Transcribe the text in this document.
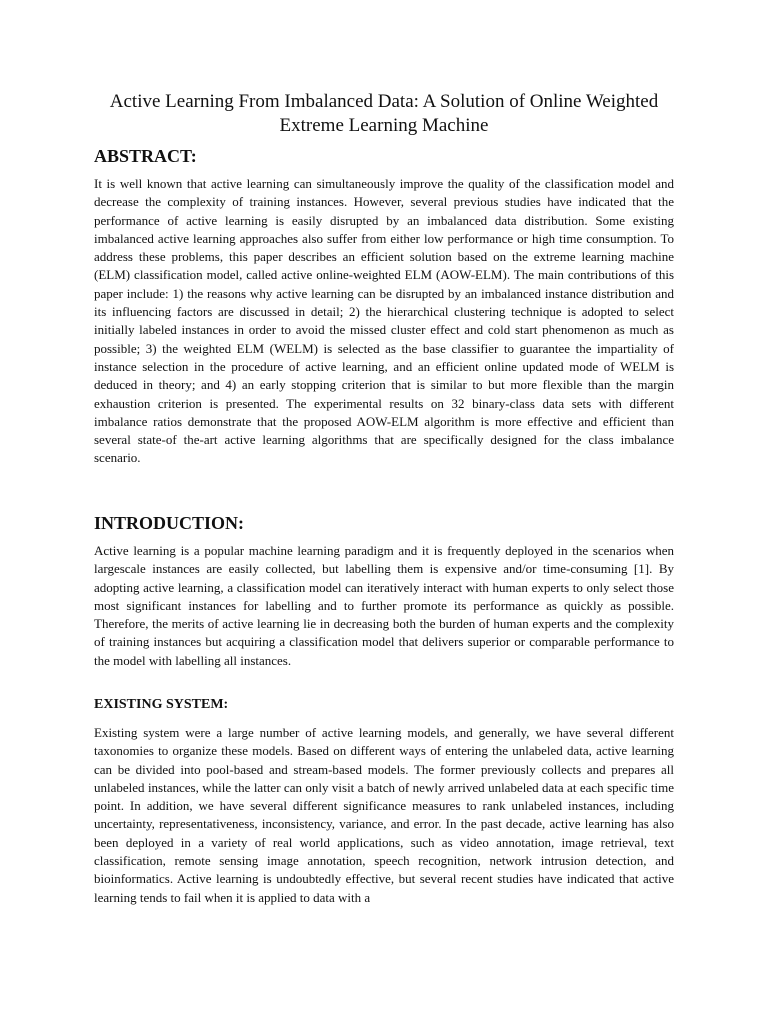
Active Learning From Imbalanced Data: A Solution of Online Weighted Extreme Learning Machine
ABSTRACT:

It is well known that active learning can simultaneously improve the quality of the classification model and decrease the complexity of training instances. However, several previous studies have indicated that the performance of active learning is easily disrupted by an imbalanced data distribution. Some existing imbalanced active learning approaches also suffer from either low performance or high time consumption. To address these problems, this paper describes an efficient solution based on the extreme learning machine (ELM) classification model, called active online-weighted ELM (AOW-ELM). The main contributions of this paper include: 1) the reasons why active learning can be disrupted by an imbalanced instance distribution and its influencing factors are discussed in detail; 2) the hierarchical clustering technique is adopted to select initially labeled instances in order to avoid the missed cluster effect and cold start phenomenon as much as possible; 3) the weighted ELM (WELM) is selected as the base classifier to guarantee the impartiality of instance selection in the procedure of active learning, and an efficient online updated mode of WELM is deduced in theory; and 4) an early stopping criterion that is similar to but more flexible than the margin exhaustion criterion is presented. The experimental results on 32 binary-class data sets with different imbalance ratios demonstrate that the proposed AOW-ELM algorithm is more effective and efficient than several state-of the-art active learning algorithms that are specifically designed for the class imbalance scenario.

INTRODUCTION:

Active learning is a popular machine learning paradigm and it is frequently deployed in the scenarios when largescale instances are easily collected, but labelling them is expensive and/or time-consuming [1]. By adopting active learning, a classification model can iteratively interact with human experts to only select those most significant instances for labelling and to further promote its performance as quickly as possible. Therefore, the merits of active learning lie in decreasing both the burden of human experts and the complexity of training instances but acquiring a classification model that delivers superior or comparable performance to the model with labelling all instances.

EXISTING SYSTEM:

Existing system were a large number of active learning models, and generally, we have several different taxonomies to organize these models. Based on different ways of entering the unlabeled data, active learning can be divided into pool-based and stream-based models. The former previously collects and prepares all unlabeled instances, while the latter can only visit a batch of newly arrived unlabeled data at each specific time point. In addition, we have several different significance measures to rank unlabeled instances, including uncertainty, representativeness, inconsistency, variance, and error. In the past decade, active learning has also been deployed in a variety of real world applications, such as video annotation, image retrieval, text classification, remote sensing image annotation, speech recognition, network intrusion detection, and bioinformatics. Active learning is undoubtedly effective, but several recent studies have indicated that active learning tends to fail when it is applied to data with a
